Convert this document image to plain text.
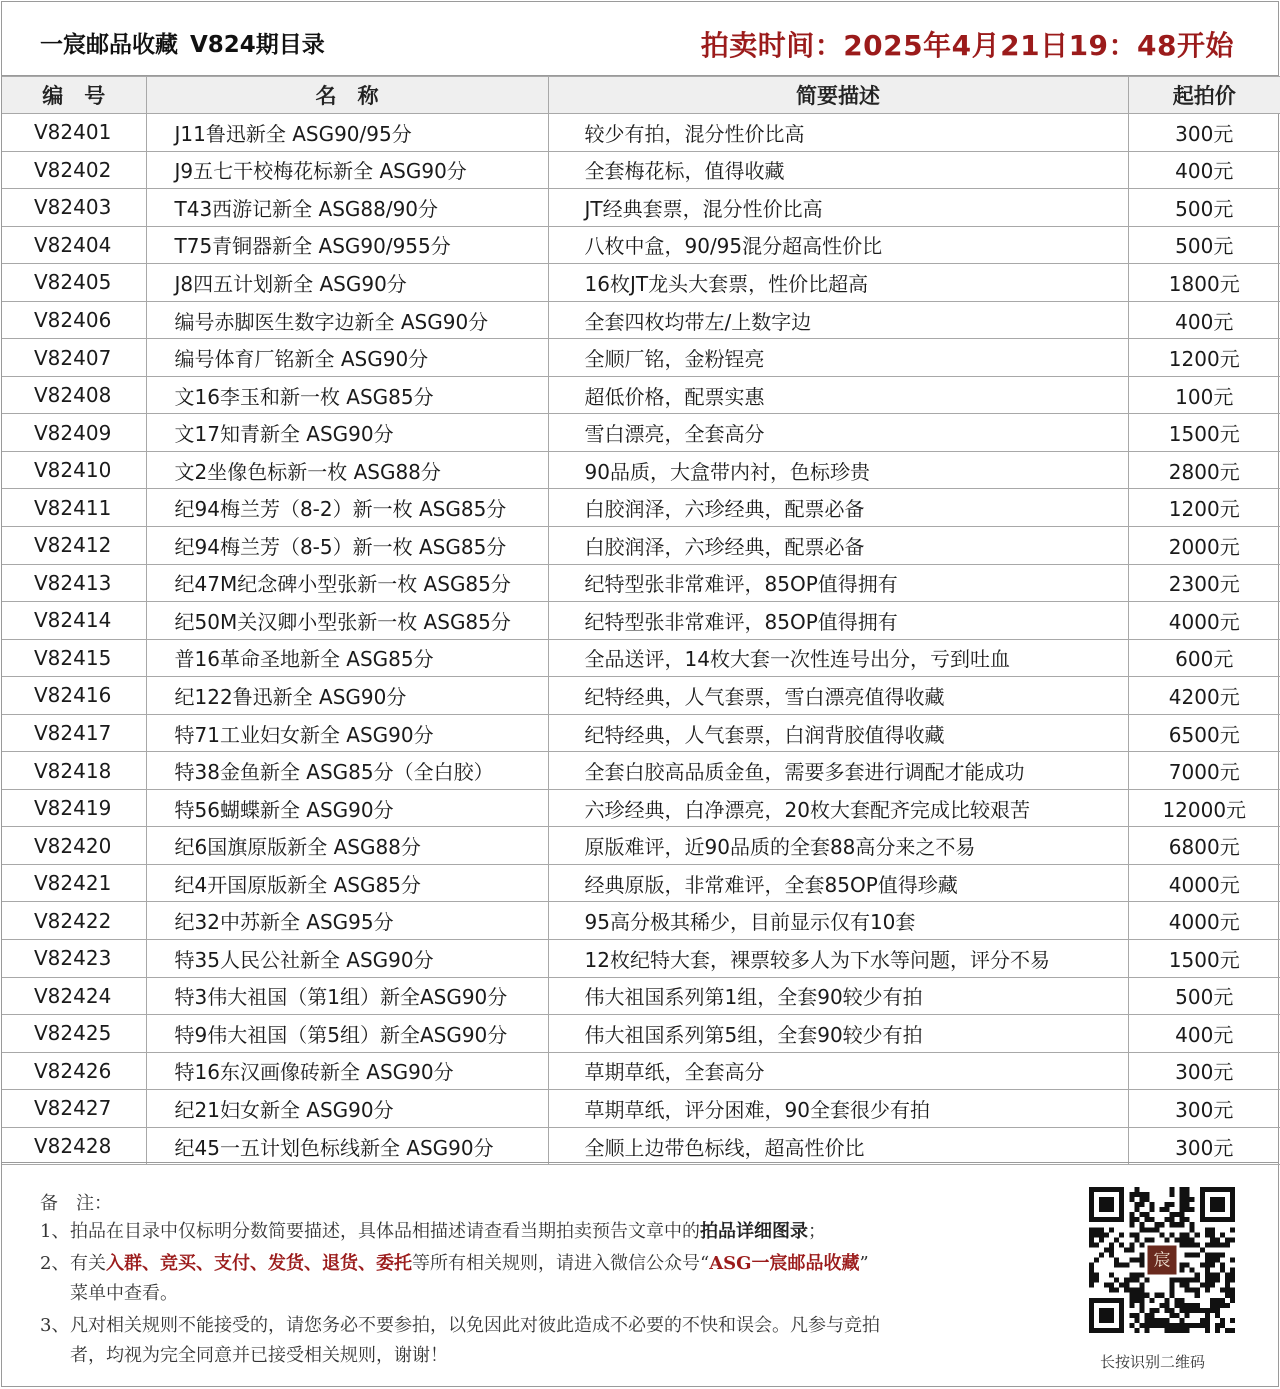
一宸邮品收藏 V824期目录	拍卖时间：2025年4月21日19：48开始
编　号	名　称	简要描述	起拍价
V82401	J11鲁迅新全 ASG90/95分	较少有拍，混分性价比高	300元
V82402	J9五七干校梅花标新全 ASG90分	全套梅花标，值得收藏	400元
V82403	T43西游记新全 ASG88/90分	JT经典套票，混分性价比高	500元
V82404	T75青铜器新全 ASG90/955分	八枚中盒，90/95混分超高性价比	500元
V82405	J8四五计划新全 ASG90分	16枚JT龙头大套票，性价比超高	1800元
V82406	编号赤脚医生数字边新全 ASG90分	全套四枚均带左/上数字边	400元
V82407	编号体育厂铭新全 ASG90分	全顺厂铭，金粉锃亮	1200元
V82408	文16李玉和新一枚 ASG85分	超低价格，配票实惠	100元
V82409	文17知青新全 ASG90分	雪白漂亮，全套高分	1500元
V82410	文2坐像色标新一枚 ASG88分	90品质，大盒带内衬，色标珍贵	2800元
V82411	纪94梅兰芳（8-2）新一枚 ASG85分	白胶润泽，六珍经典，配票必备	1200元
V82412	纪94梅兰芳（8-5）新一枚 ASG85分	白胶润泽，六珍经典，配票必备	2000元
V82413	纪47M纪念碑小型张新一枚 ASG85分	纪特型张非常难评，85OP值得拥有	2300元
V82414	纪50M关汉卿小型张新一枚 ASG85分	纪特型张非常难评，85OP值得拥有	4000元
V82415	普16革命圣地新全 ASG85分	全品送评，14枚大套一次性连号出分，亏到吐血	600元
V82416	纪122鲁迅新全 ASG90分	纪特经典，人气套票，雪白漂亮值得收藏	4200元
V82417	特71工业妇女新全 ASG90分	纪特经典，人气套票，白润背胶值得收藏	6500元
V82418	特38金鱼新全 ASG85分（全白胶）	全套白胶高品质金鱼，需要多套进行调配才能成功	7000元
V82419	特56蝴蝶新全 ASG90分	六珍经典，白净漂亮，20枚大套配齐完成比较艰苦	12000元
V82420	纪6国旗原版新全 ASG88分	原版难评，近90品质的全套88高分来之不易	6800元
V82421	纪4开国原版新全 ASG85分	经典原版，非常难评，全套85OP值得珍藏	4000元
V82422	纪32中苏新全 ASG95分	95高分极其稀少，目前显示仅有10套	4000元
V82423	特35人民公社新全 ASG90分	12枚纪特大套，裸票较多人为下水等问题，评分不易	1500元
V82424	特3伟大祖国（第1组）新全ASG90分	伟大祖国系列第1组，全套90较少有拍	500元
V82425	特9伟大祖国（第5组）新全ASG90分	伟大祖国系列第5组，全套90较少有拍	400元
V82426	特16东汉画像砖新全 ASG90分	草期草纸，全套高分	300元
V82427	纪21妇女新全 ASG90分	草期草纸，评分困难，90全套很少有拍	300元
V82428	纪45一五计划色标线新全 ASG90分	全顺上边带色标线，超高性价比	300元
备　注：
1、拍品在目录中仅标明分数简要描述，具体品相描述请查看当期拍卖预告文章中的拍品详细图录；
2、有关入群、竞买、支付、发货、退货、委托等所有相关规则，请进入微信公众号“ASG一宸邮品收藏”
菜单中查看。
3、凡对相关规则不能接受的，请您务必不要参拍，以免因此对彼此造成不必要的不快和误会。凡参与竞拍
者，均视为完全同意并已接受相关规则，谢谢！
宸
长按识别二维码
